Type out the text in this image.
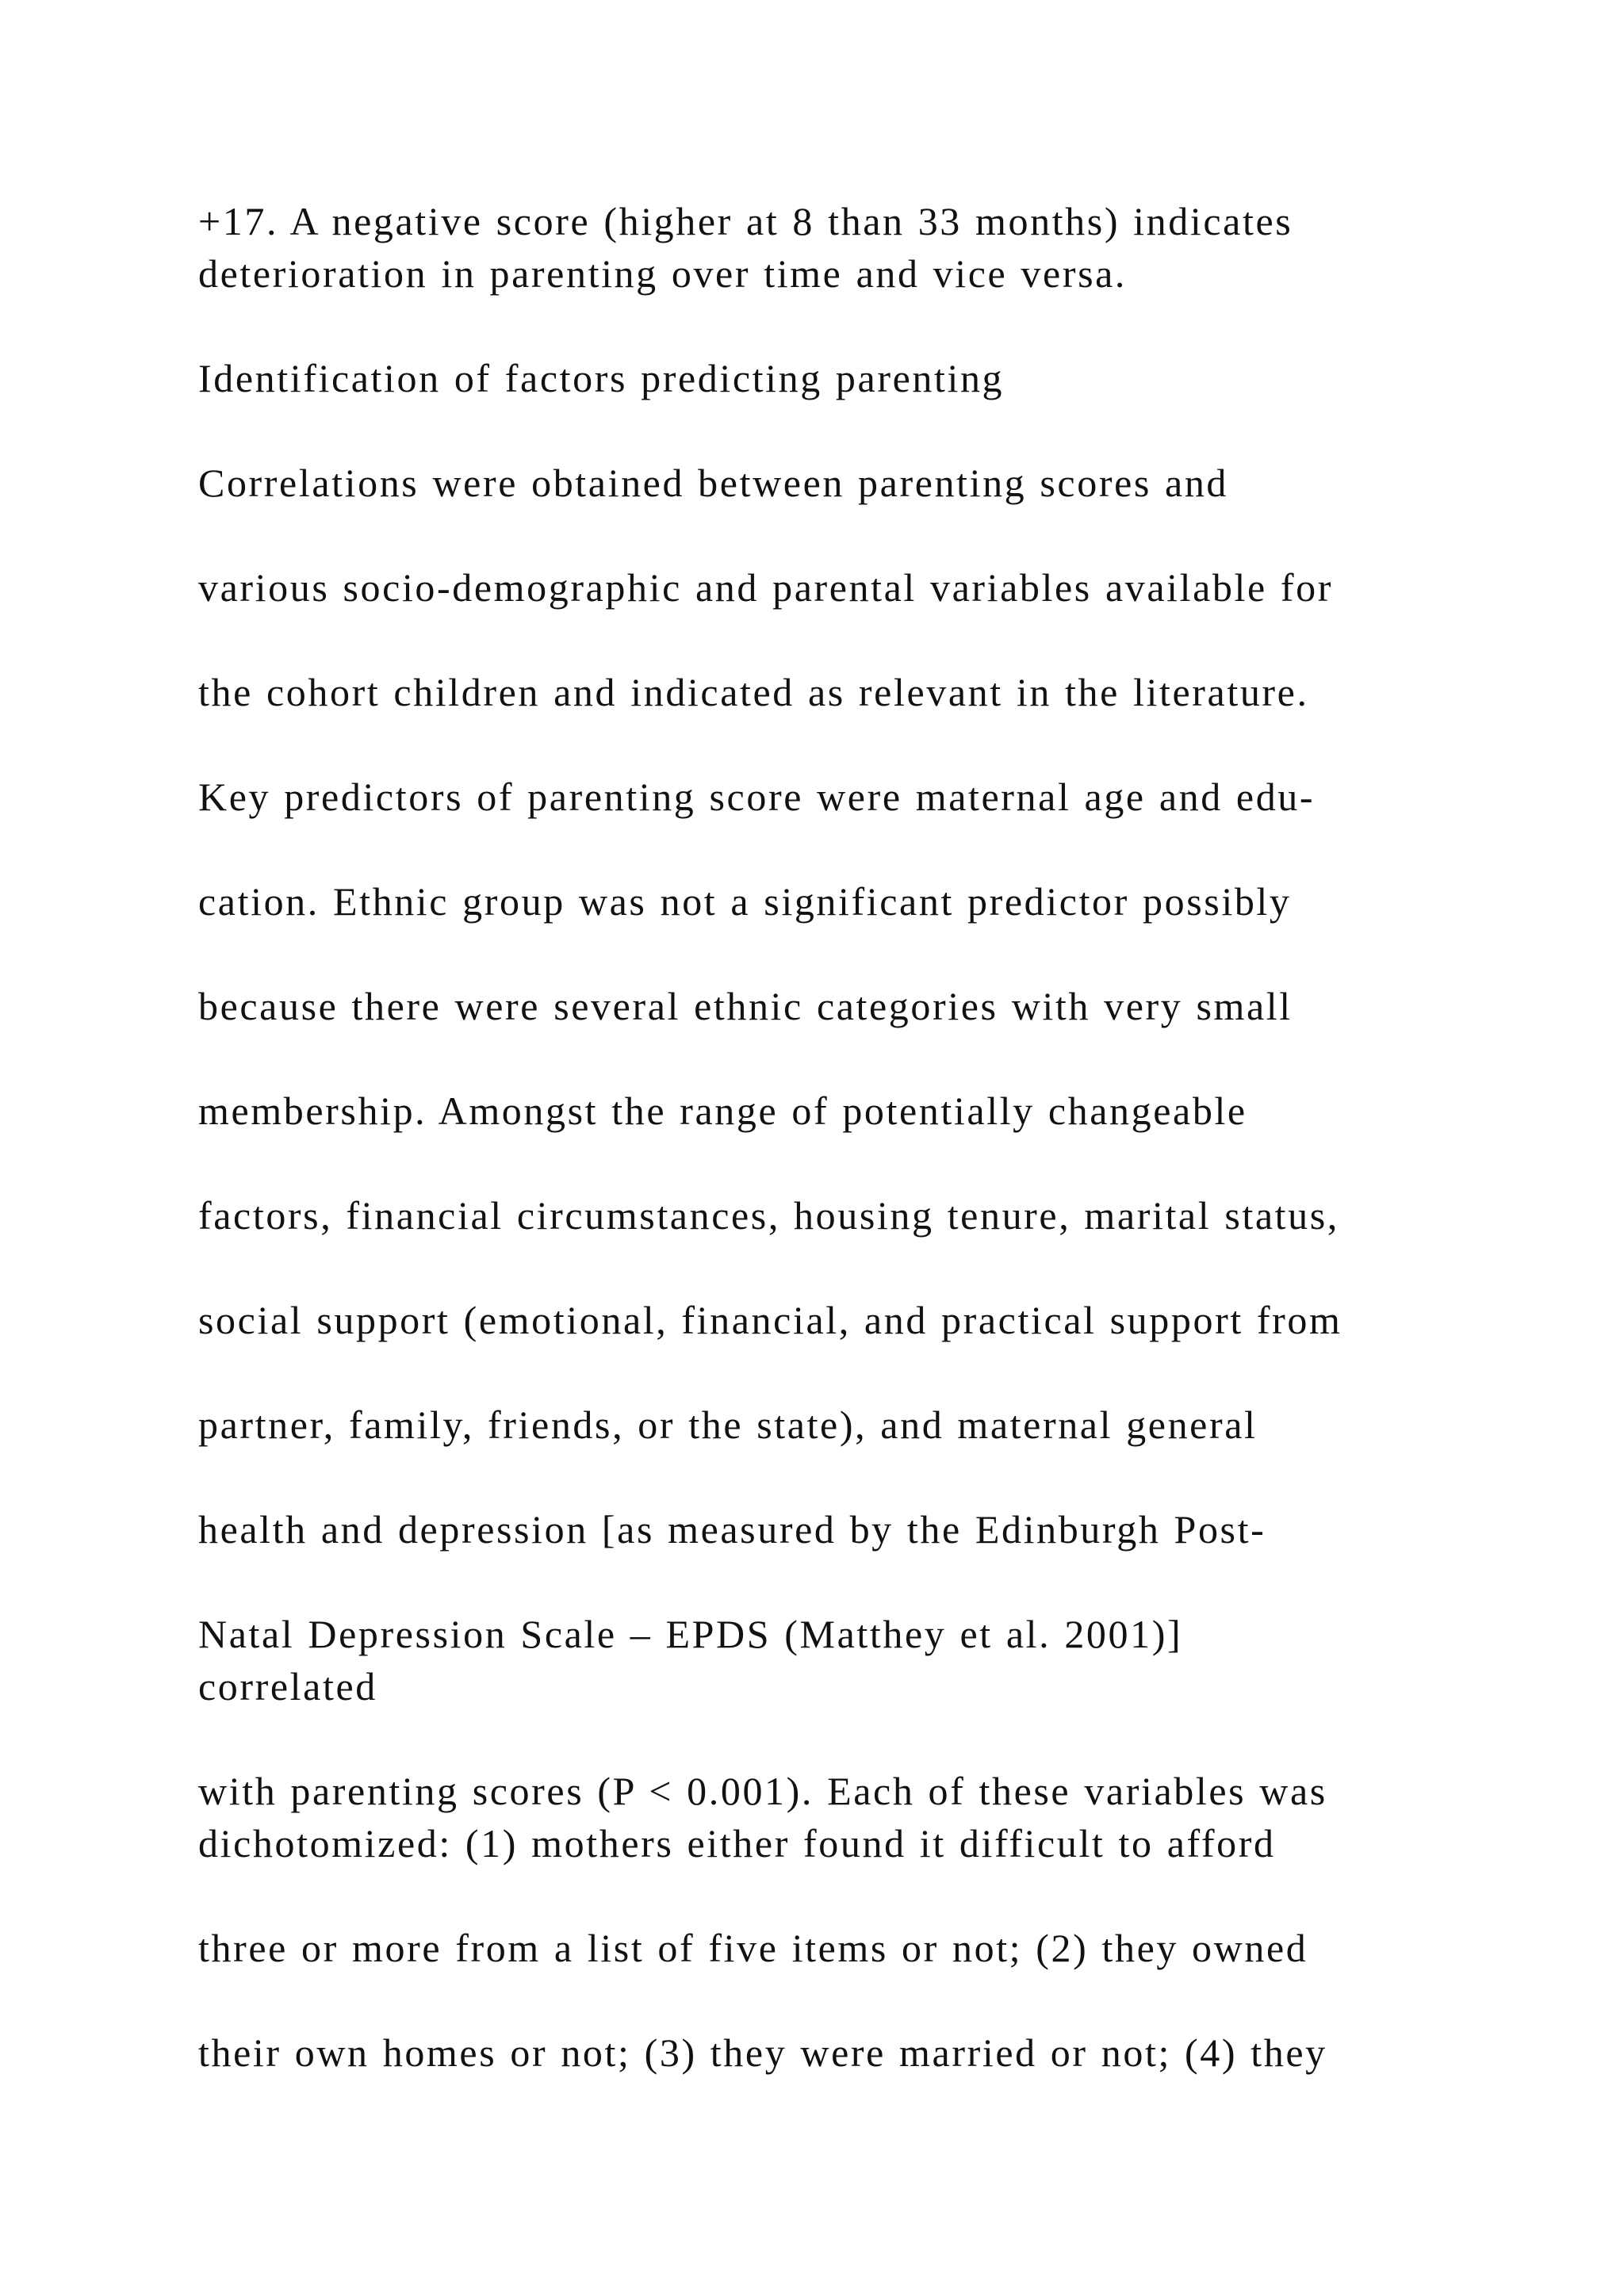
+17. A negative score (higher at 8 than 33 months) indicates
deterioration in parenting over time and vice versa.
Identification of factors predicting parenting
Correlations were obtained between parenting scores and
various socio-demographic and parental variables available for
the cohort children and indicated as relevant in the literature.
Key predictors of parenting score were maternal age and edu-
cation. Ethnic group was not a significant predictor possibly
because there were several ethnic categories with very small
membership. Amongst the range of potentially changeable
factors, financial circumstances, housing tenure, marital status,
social support (emotional, financial, and practical support from
partner, family, friends, or the state), and maternal general
health and depression [as measured by the Edinburgh Post-
Natal Depression Scale – EPDS (Matthey et al. 2001)]
correlated
with parenting scores (P < 0.001). Each of these variables was
dichotomized: (1) mothers either found it difficult to afford
three or more from a list of five items or not; (2) they owned
their own homes or not; (3) they were married or not; (4) they
